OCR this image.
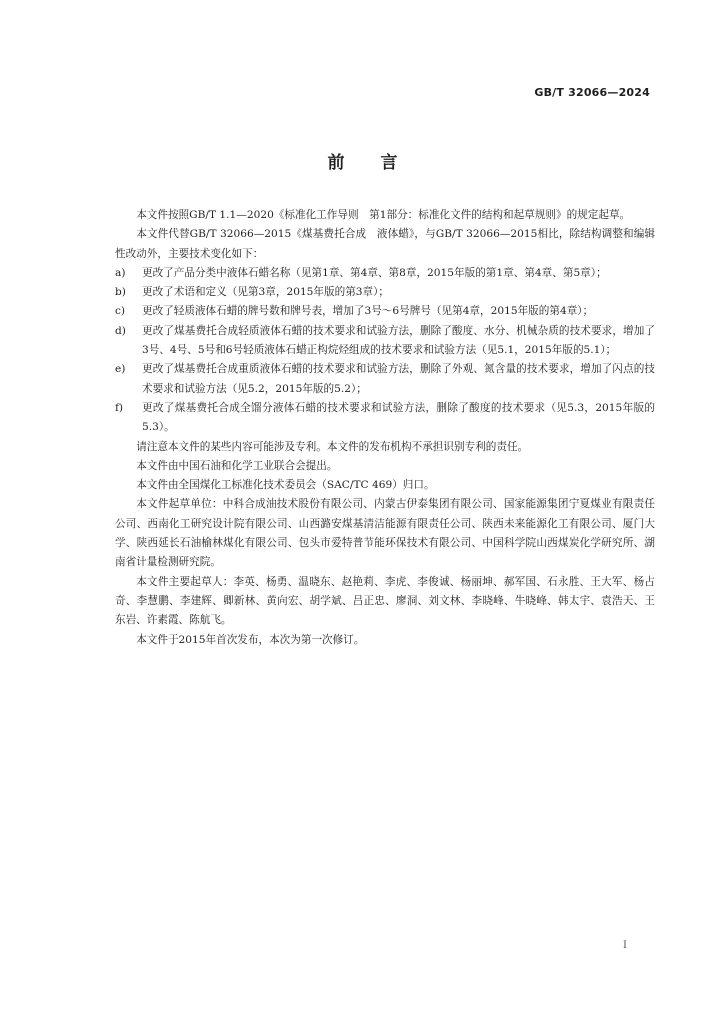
GB/T 32066—2024
前言

本文件按照GB/T 1.1—2020《标准化工作导则　第1部分：标准化文件的结构和起草规则》的规定起草。

本文件代替GB/T 32066—2015《煤基费托合成　液体蜡》，与GB/T 32066—2015相比，除结构调整和编辑性改动外，主要技术变化如下：

a)	更改了产品分类中液体石蜡名称（见第1章、第4章、第8章，2015年版的第1章、第4章、第5章）；
b)	更改了术语和定义（见第3章，2015年版的第3章）；
c)	更改了轻质液体石蜡的牌号数和牌号表，增加了3号～6号牌号（见第4章，2015年版的第4章）；
d)	更改了煤基费托合成轻质液体石蜡的技术要求和试验方法，删除了酸度、水分、机械杂质的技术要求，增加了3号、4号、5号和6号轻质液体石蜡正构烷烃组成的技术要求和试验方法（见5.1，2015年版的5.1）；
e)	更改了煤基费托合成重质液体石蜡的技术要求和试验方法，删除了外观、氮含量的技术要求，增加了闪点的技术要求和试验方法（见5.2，2015年版的5.2）；
f)	更改了煤基费托合成全馏分液体石蜡的技术要求和试验方法，删除了酸度的技术要求（见5.3，2015年版的5.3）。

请注意本文件的某些内容可能涉及专利。本文件的发布机构不承担识别专利的责任。

本文件由中国石油和化学工业联合会提出。

本文件由全国煤化工标准化技术委员会（SAC/TC 469）归口。

本文件起草单位：中科合成油技术股份有限公司、内蒙古伊泰集团有限公司、国家能源集团宁夏煤业有限责任公司、西南化工研究设计院有限公司、山西潞安煤基清洁能源有限责任公司、陕西未来能源化工有限公司、厦门大学、陕西延长石油榆林煤化有限公司、包头市爱特普节能环保技术有限公司、中国科学院山西煤炭化学研究所、湖南省计量检测研究院。

本文件主要起草人：李英、杨勇、温晓东、赵艳莉、李虎、李俊诚、杨丽坤、郝军国、石永胜、王大军、杨占奇、李慧鹏、李建辉、卿新林、黄向宏、胡学斌、吕正忠、廖洞、刘文林、李晓峰、牛晓峰、韩太宇、袁浩天、王东岩、许素霞、陈航飞。

本文件于2015年首次发布，本次为第一次修订。

I
